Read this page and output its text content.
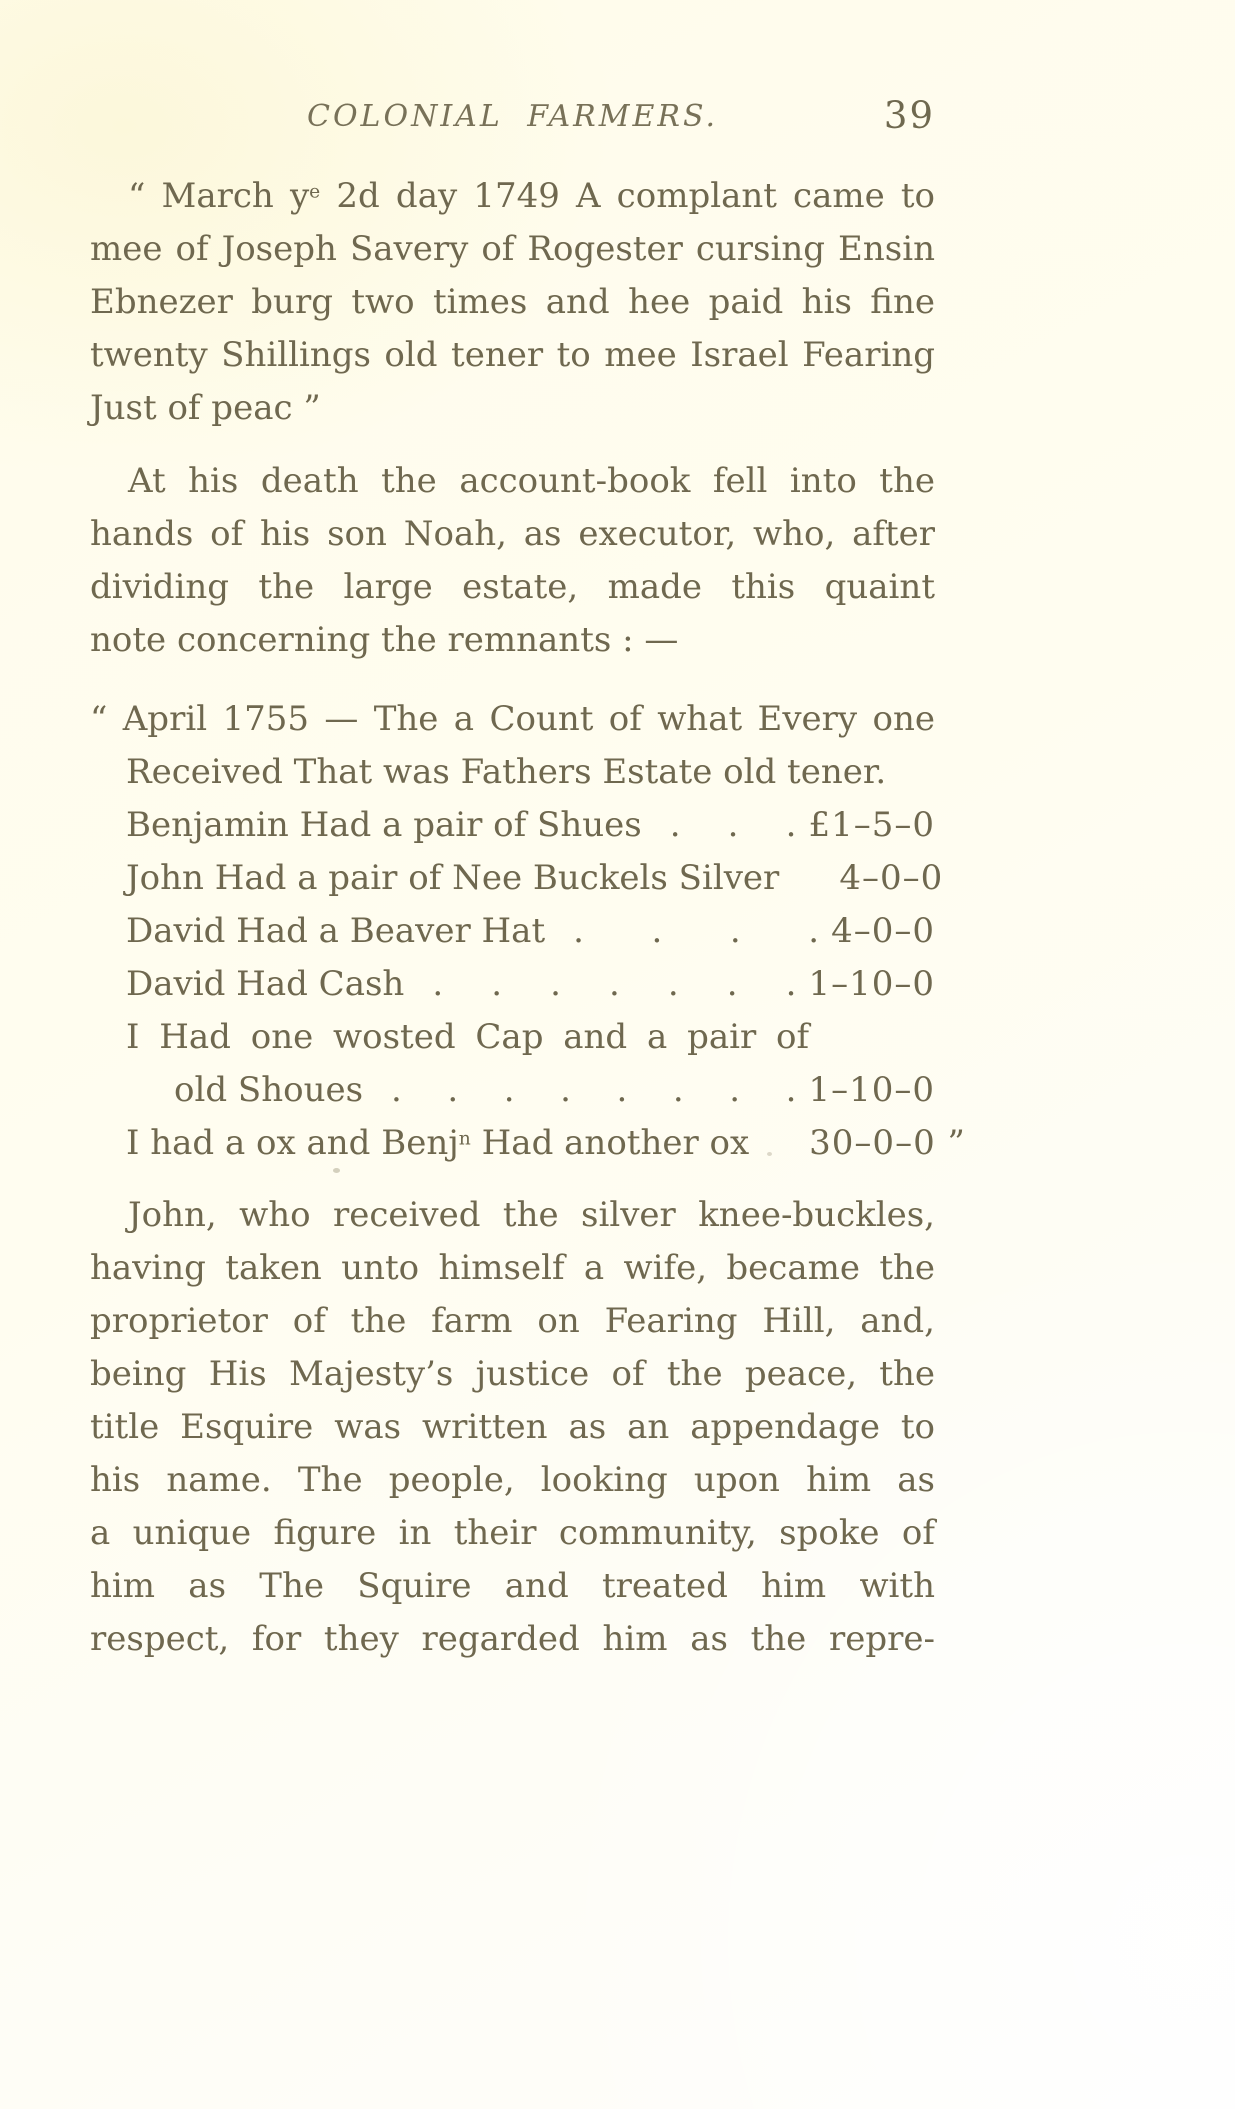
COLONIAL FARMERS.	39
“ March $y^e$ 2d day 1749 A complant came to
mee of Joseph Savery of Rogester cursing Ensin
Ebnezer burg two times and hee paid his fine
twenty Shillings old tener to mee Israel Fearing
Just of peac ”
At his death the account-book fell into the
hands of his son Noah, as executor, who, after
dividing the large estate, made this quaint
note concerning the remnants : —
“ April 1755 — The a Count of what Every one
Received That was Fathers Estate old tener.
Benjamin Had a pair of Shues . . . £1–5–0
John Had a pair of Nee Buckels Silver 4–0–0
David Had a Beaver Hat . . . . 4–0–0
David Had Cash . . . . . . . 1–10–0
I Had one wosted Cap and a pair of
old Shoues . . . . . . . . 1–10–0
I had a ox and Benj$^n$ Had another ox 30–0–0 ”
John, who received the silver knee-buckles,
having taken unto himself a wife, became the
proprietor of the farm on Fearing Hill, and,
being His Majesty’s justice of the peace, the
title Esquire was written as an appendage to
his name. The people, looking upon him as
a unique figure in their community, spoke of
him as The Squire and treated him with
respect, for they regarded him as the repre-
